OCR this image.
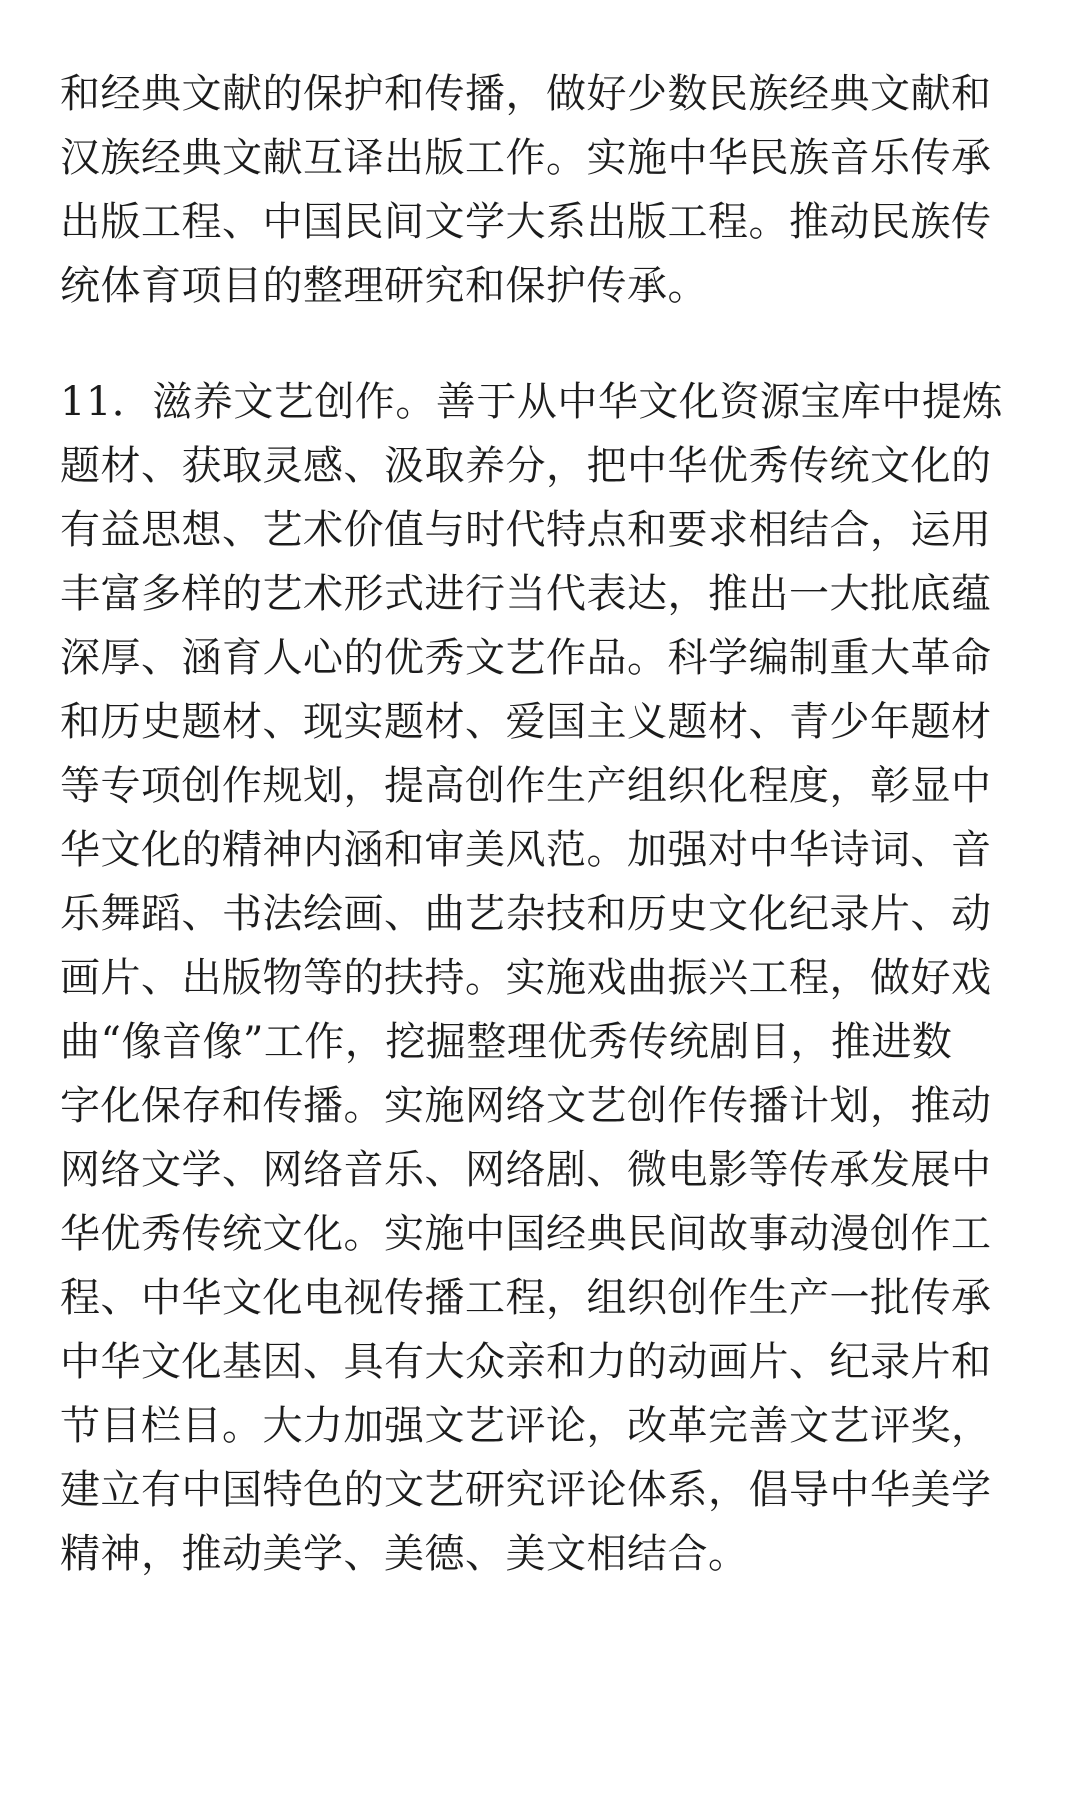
和经典文献的保护和传播，做好少数民族经典文献和
汉族经典文献互译出版工作。实施中华民族音乐传承
出版工程、中国民间文学大系出版工程。推动民族传
统体育项目的整理研究和保护传承。

11．滋养文艺创作。善于从中华文化资源宝库中提炼
题材、获取灵感、汲取养分，把中华优秀传统文化的
有益思想、艺术价值与时代特点和要求相结合，运用
丰富多样的艺术形式进行当代表达，推出一大批底蕴
深厚、涵育人心的优秀文艺作品。科学编制重大革命
和历史题材、现实题材、爱国主义题材、青少年题材
等专项创作规划，提高创作生产组织化程度，彰显中
华文化的精神内涵和审美风范。加强对中华诗词、音
乐舞蹈、书法绘画、曲艺杂技和历史文化纪录片、动
画片、出版物等的扶持。实施戏曲振兴工程，做好戏
曲“像音像”工作，挖掘整理优秀传统剧目，推进数
字化保存和传播。实施网络文艺创作传播计划，推动
网络文学、网络音乐、网络剧、微电影等传承发展中
华优秀传统文化。实施中国经典民间故事动漫创作工
程、中华文化电视传播工程，组织创作生产一批传承
中华文化基因、具有大众亲和力的动画片、纪录片和
节目栏目。大力加强文艺评论，改革完善文艺评奖，
建立有中国特色的文艺研究评论体系，倡导中华美学
精神，推动美学、美德、美文相结合。
